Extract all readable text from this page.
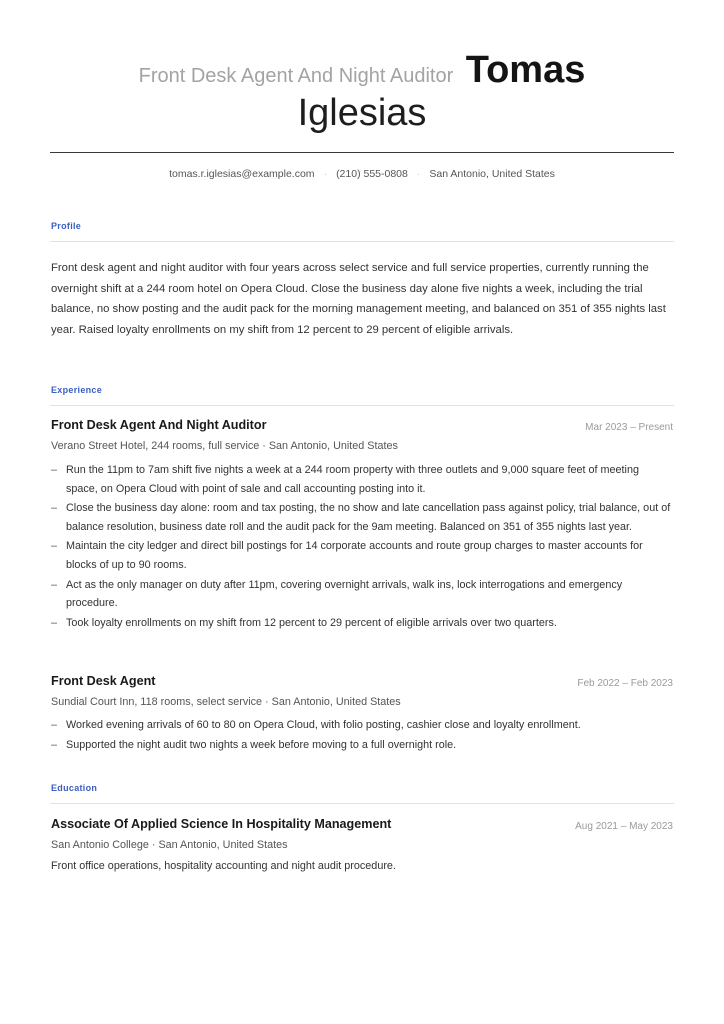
Front Desk Agent And Night Auditor Tomas
Iglesias
tomas.r.iglesias@example.com · (210) 555-0808 · San Antonio, United States
Profile
Front desk agent and night auditor with four years across select service and full service properties, currently running the overnight shift at a 244 room hotel on Opera Cloud. Close the business day alone five nights a week, including the trial balance, no show posting and the audit pack for the morning management meeting, and balanced on 351 of 355 nights last year. Raised loyalty enrollments on my shift from 12 percent to 29 percent of eligible arrivals.
Experience
Front Desk Agent And Night Auditor	Mar 2023 – Present
Verano Street Hotel, 244 rooms, full service · San Antonio, United States
– Run the 11pm to 7am shift five nights a week at a 244 room property with three outlets and 9,000 square feet of meeting space, on Opera Cloud with point of sale and call accounting posting into it.
– Close the business day alone: room and tax posting, the no show and late cancellation pass against policy, trial balance, out of balance resolution, business date roll and the audit pack for the 9am meeting. Balanced on 351 of 355 nights last year.
– Maintain the city ledger and direct bill postings for 14 corporate accounts and route group charges to master accounts for blocks of up to 90 rooms.
– Act as the only manager on duty after 11pm, covering overnight arrivals, walk ins, lock interrogations and emergency procedure.
– Took loyalty enrollments on my shift from 12 percent to 29 percent of eligible arrivals over two quarters.
Front Desk Agent	Feb 2022 – Feb 2023
Sundial Court Inn, 118 rooms, select service · San Antonio, United States
– Worked evening arrivals of 60 to 80 on Opera Cloud, with folio posting, cashier close and loyalty enrollment.
– Supported the night audit two nights a week before moving to a full overnight role.
Education
Associate Of Applied Science In Hospitality Management	Aug 2021 – May 2023
San Antonio College · San Antonio, United States
Front office operations, hospitality accounting and night audit procedure.
